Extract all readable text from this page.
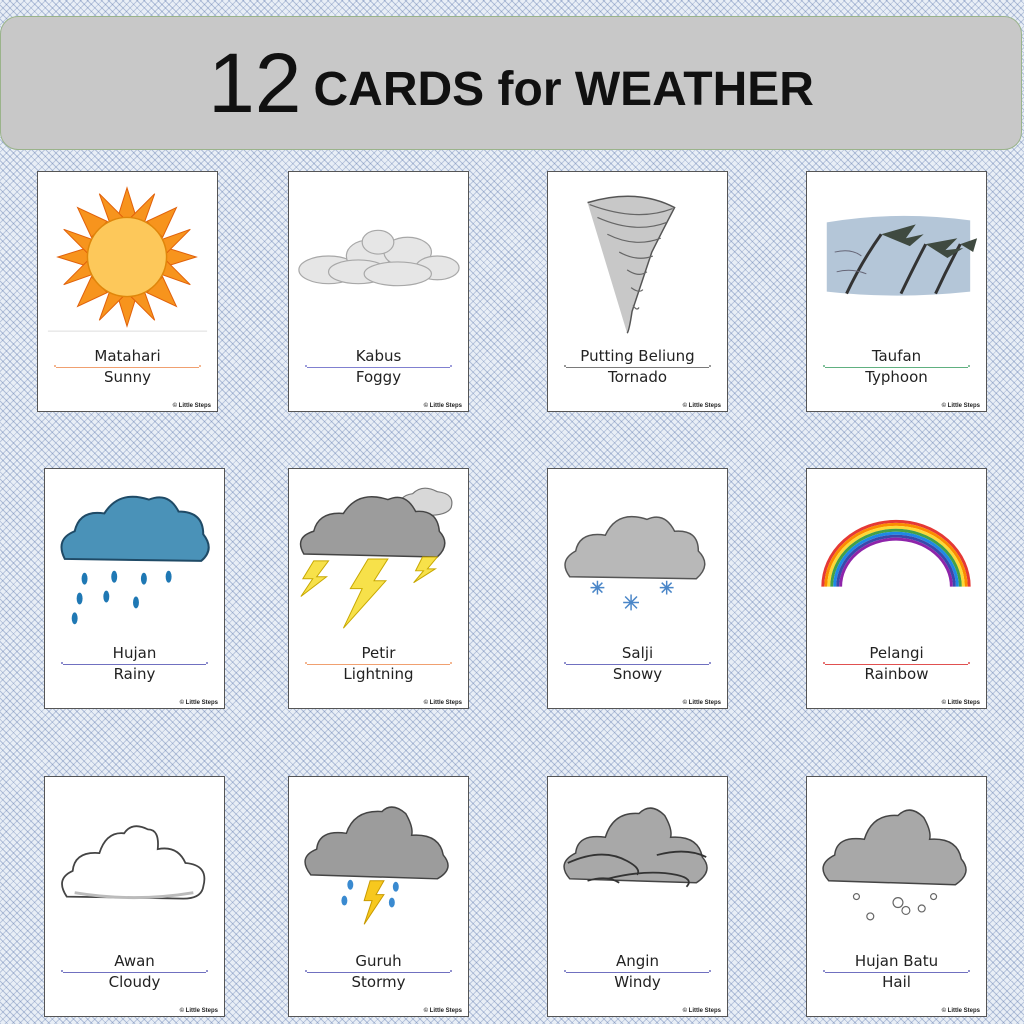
12 CARDS for WEATHER
Matahari
Sunny
© Little Steps
Kabus
Foggy
© Little Steps
Putting Beliung
Tornado
© Little Steps
Taufan
Typhoon
© Little Steps
Hujan
Rainy
© Little Steps
Petir
Lightning
© Little Steps
Salji
Snowy
© Little Steps
Pelangi
Rainbow
© Little Steps
Awan
Cloudy
© Little Steps
Guruh
Stormy
© Little Steps
Angin
Windy
© Little Steps
Hujan Batu
Hail
© Little Steps
